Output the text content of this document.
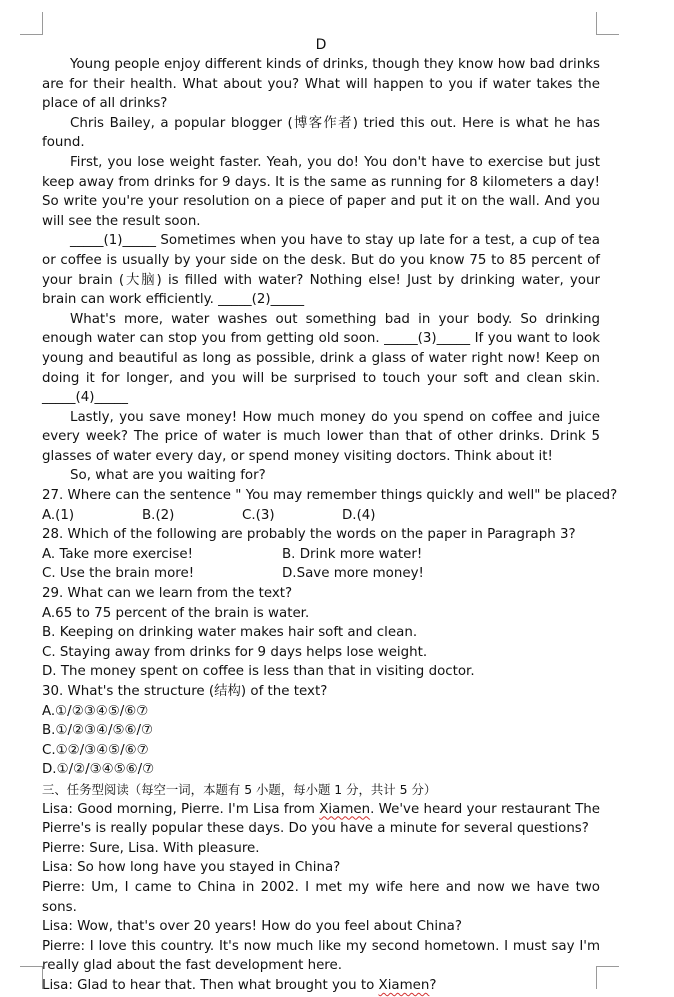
D

Young people enjoy different kinds of drinks, though they know how bad drinks are for their health. What about you? What will happen to you if water takes the place of all drinks?

Chris Bailey, a popular blogger (博客作者) tried this out. Here is what he has found.

First, you lose weight faster. Yeah, you do! You don't have to exercise but just keep away from drinks for 9 days. It is the same as running for 8 kilometers a day! So write you're your resolution on a piece of paper and put it on the wall. And you will see the result soon.

_____(1)_____ Sometimes when you have to stay up late for a test, a cup of tea or coffee is usually by your side on the desk. But do you know 75 to 85 percent of your brain (大脑) is filled with water? Nothing else! Just by drinking water, your brain can work efficiently. _____(2)_____

What's more, water washes out something bad in your body. So drinking enough water can stop you from getting old soon. _____(3)_____ If you want to look young and beautiful as long as possible, drink a glass of water right now! Keep on doing it for longer, and you will be surprised to touch your soft and clean skin. _____(4)_____

Lastly, you save money! How much money do you spend on coffee and juice every week? The price of water is much lower than that of other drinks. Drink 5 glasses of water every day, or spend money visiting doctors. Think about it!

So, what are you waiting for?

27. Where can the sentence " You may remember things quickly and well" be placed?
A.(1)	B.(2)	C.(3)	D.(4)
28. Which of the following are probably the words on the paper in Paragraph 3?
A. Take more exercise!	B. Drink more water!
C. Use the brain more!	D.Save more money!
29. What can we learn from the text?
A.65 to 75 percent of the brain is water.
B. Keeping on drinking water makes hair soft and clean.
C. Staying away from drinks for 9 days helps lose weight.
D. The money spent on coffee is less than that in visiting doctor.
30. What's the structure (结构) of the text?
A.①/②③④⑤/⑥⑦
B.①/②③④/⑤⑥/⑦
C.①②/③④⑤/⑥⑦
D.①/②/③④⑤⑥/⑦
三、任务型阅读（每空一词，本题有 5 小题，每小题 1 分，共计 5 分）

Lisa: Good morning, Pierre. I'm Lisa from Xiamen. We've heard your restaurant The Pierre's is really popular these days. Do you have a minute for several questions?

Pierre: Sure, Lisa. With pleasure.

Lisa: So how long have you stayed in China?

Pierre: Um, I came to China in 2002. I met my wife here and now we have two sons.

Lisa: Wow, that's over 20 years! How do you feel about China?

Pierre: I love this country. It's now much like my second hometown. I must say I'm really glad about the fast development here.

Lisa: Glad to hear that. Then what brought you to Xiamen?
